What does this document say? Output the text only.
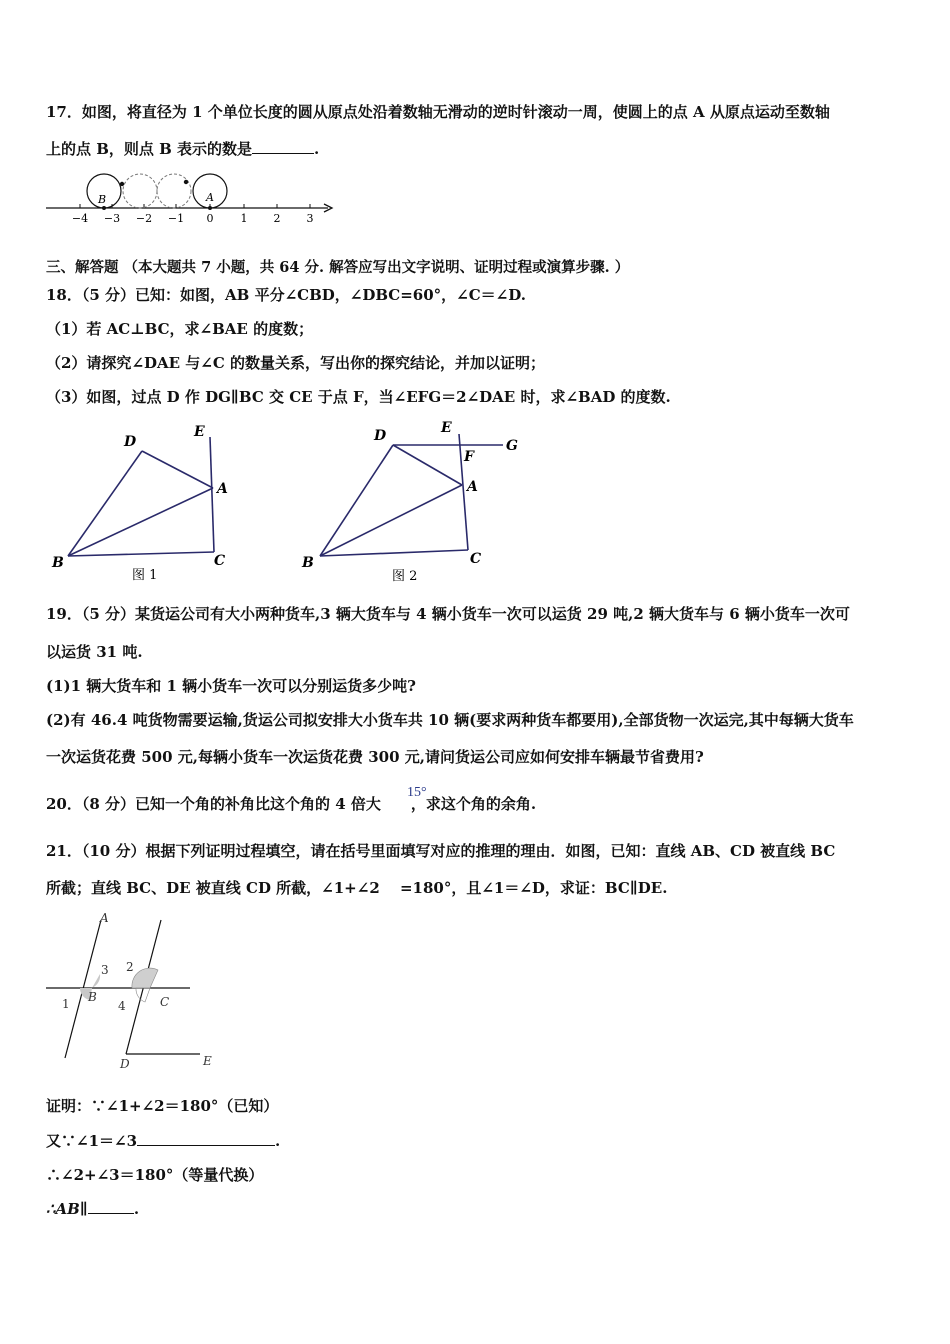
17．如图，将直径为 1 个单位长度的圆从原点处沿着数轴无滑动的逆时针滚动一周，使圆上的点 A 从原点运动至数轴
上的点 B，则点 B 表示的数是	.
B	A
−4 −3 −2 −1 0 1 2 3
三、解答题 （本大题共 7 小题，共 64 分. 解答应写出文字说明、证明过程或演算步骤. ）
18．（5 分）已知：如图，AB 平分∠CBD，∠DBC=60°，∠C＝∠D.
（1）若 AC⊥BC，求∠BAE 的度数；
（2）请探究∠DAE 与∠C 的数量关系，写出你的探究结论，并加以证明；
（3）如图，过点 D 作 DG∥BC 交 CE 于点 F，当∠EFG＝2∠DAE 时，求∠BAD 的度数.
D
E
A
B	C
图 1
D	E
F
G
A
B	C
图 2
19．（5 分）某货运公司有大小两种货车,3 辆大货车与 4 辆小货车一次可以运货 29 吨,2 辆大货车与 6 辆小货车一次可
以运货 31 吨.
(1)1 辆大货车和 1 辆小货车一次可以分别运货多少吨?
(2)有 46.4 吨货物需要运输,货运公司拟安排大小货车共 10 辆(要求两种货车都要用),全部货物一次运完,其中每辆大货车
一次运货花费 500 元,每辆小货车一次运货花费 300 元,请问货运公司应如何安排车辆最节省费用?
20．（8 分）已知一个角的补角比这个角的 4 倍大 ，求这个角的余角.
15°
21．（10 分）根据下列证明过程填空，请在括号里面填写对应的推理的理由．如图，已知：直线 AB、CD 被直线 BC
所截；直线 BC、DE 被直线 CD 所截，∠1+∠2 　=180°，且∠1＝∠D，求证：BC∥DE.
A
B	C
D	E
1
2
3
4
证明：∵∠1+∠2＝180°（已知）
又∵∠1＝∠3	.
∴∠2+∠3＝180°（等量代换）
∴AB∥	.
